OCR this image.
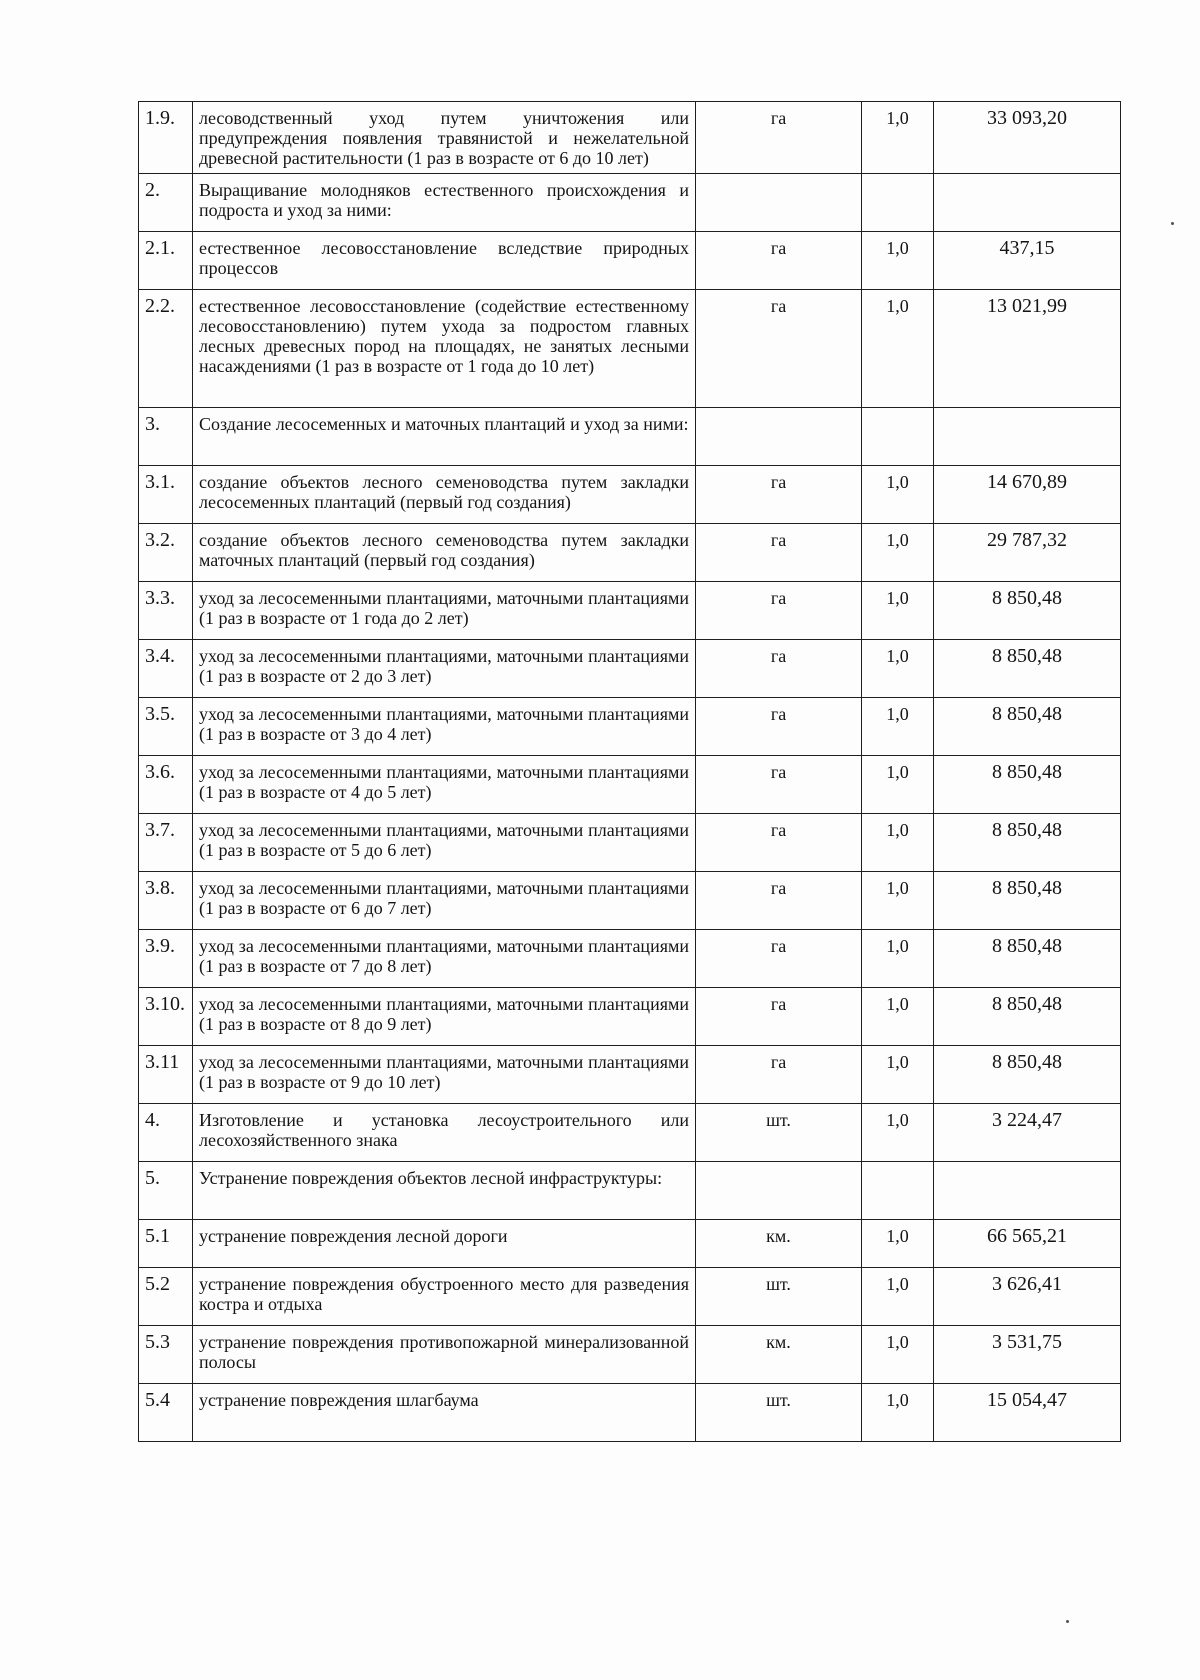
1.9.	лесоводственный уход путем уничтожения или предупреждения появления травянистой и нежелательной древесной растительности (1 раз в возрасте от 6 до 10 лет)	га	1,0	33 093,20
2.	Выращивание молодняков естественного происхождения и подроста и уход за ними:			
2.1.	естественное лесовосстановление вследствие природных процессов	га	1,0	437,15
2.2.	естественное лесовосстановление (содействие естественному лесовосстановлению) путем ухода за подростом главных лесных древесных пород на площадях, не занятых лесными насаждениями (1 раз в возрасте от 1 года до 10 лет)	га	1,0	13 021,99
3.	Создание лесосеменных и маточных плантаций и уход за ними:			
3.1.	создание объектов лесного семеноводства путем закладки лесосеменных плантаций (первый год создания)	га	1,0	14 670,89
3.2.	создание объектов лесного семеноводства путем закладки маточных плантаций (первый год создания)	га	1,0	29 787,32
3.3.	уход за лесосеменными плантациями, маточными плантациями (1 раз в возрасте от 1 года до 2 лет)	га	1,0	8 850,48
3.4.	уход за лесосеменными плантациями, маточными плантациями (1 раз в возрасте от 2 до 3 лет)	га	1,0	8 850,48
3.5.	уход за лесосеменными плантациями, маточными плантациями (1 раз в возрасте от 3 до 4 лет)	га	1,0	8 850,48
3.6.	уход за лесосеменными плантациями, маточными плантациями (1 раз в возрасте от 4 до 5 лет)	га	1,0	8 850,48
3.7.	уход за лесосеменными плантациями, маточными плантациями (1 раз в возрасте от 5 до 6 лет)	га	1,0	8 850,48
3.8.	уход за лесосеменными плантациями, маточными плантациями (1 раз в возрасте от 6 до 7 лет)	га	1,0	8 850,48
3.9.	уход за лесосеменными плантациями, маточными плантациями (1 раз в возрасте от 7 до 8 лет)	га	1,0	8 850,48
3.10.	уход за лесосеменными плантациями, маточными плантациями (1 раз в возрасте от 8 до 9 лет)	га	1,0	8 850,48
3.11	уход за лесосеменными плантациями, маточными плантациями (1 раз в возрасте от 9 до 10 лет)	га	1,0	8 850,48
4.	Изготовление и установка лесоустроительного или лесохозяйственного знака	шт.	1,0	3 224,47
5.	Устранение повреждения объектов лесной инфраструктуры:			
5.1	устранение повреждения лесной дороги	км.	1,0	66 565,21
5.2	устранение повреждения обустроенного место для разведения костра и отдыха	шт.	1,0	3 626,41
5.3	устранение повреждения противопожарной минерализованной полосы	км.	1,0	3 531,75
5.4	устранение повреждения шлагбаума	шт.	1,0	15 054,47
